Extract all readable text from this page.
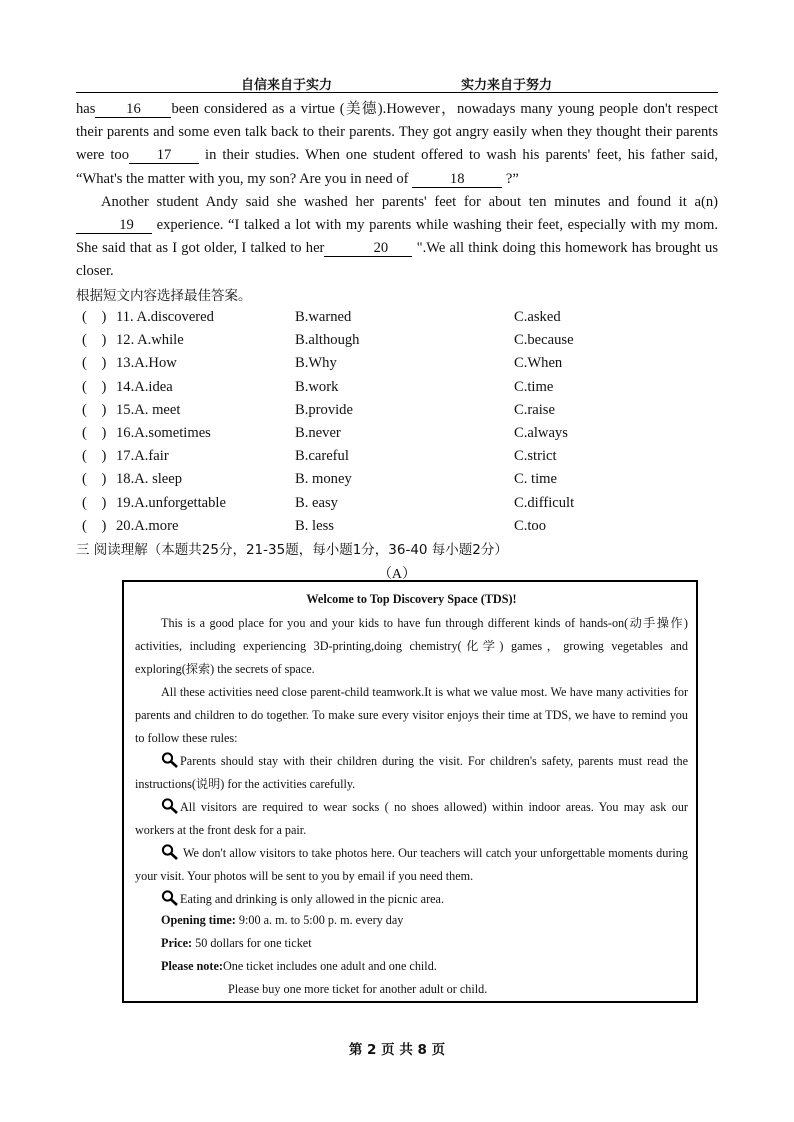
自信来自于实力	实力来自于努力

has 16 been considered as a virtue (美德).However，nowadays many young people don't respect their parents and some even talk back to their parents. They got angry easily when they thought their parents were too 17 in their studies. When one student offered to wash his parents' feet, his father said, “What's the matter with you, my son? Are you in need of	18	?”

Another student Andy said she washed her parents' feet for about ten minutes and found it a(n) 19 experience. “I talked a lot with my parents while washing their feet, especially with my mom. She said that as I got older, I talked to her	20 ".We all think doing this homework has brought us closer.

根据短文内容选择最佳答案。
(    ) 11. A.discovered	B.warned	C.asked
(    ) 12. A.while	B.although	C.because
(    ) 13.A.How	B.Why	C.When
(    ) 14.A.idea	B.work	C.time
(    ) 15.A. meet	B.provide	C.raise
(    ) 16.A.sometimes	B.never	C.always
(    ) 17.A.fair	B.careful	C.strict
(    ) 18.A. sleep	B. money	C. time
(    ) 19.A.unforgettable	B. easy	C.difficult
(    ) 20.A.more	B. less	C.too
三 阅读理解（本题共25分，21-35题，每小题1分，36-40 每小题2分）
（A）

Welcome to Top Discovery Space (TDS)!

This is a good place for you and your kids to have fun through different kinds of hands-on(动手操作) activities, including experiencing 3D-printing,doing chemistry(化学) games，growing vegetables and exploring(探索) the secrets of space.

All these activities need close parent-child teamwork.It is what we value most. We have many activities for parents and children to do together. To make sure every visitor enjoys their time at TDS, we have to remind you to follow these rules:

Parents should stay with their children during the visit. For children's safety, parents must read the instructions(说明) for the activities carefully.

All visitors are required to wear socks ( no shoes allowed) within indoor areas. You may ask our workers at the front desk for a pair.

We don't allow visitors to take photos here. Our teachers will catch your unforgettable moments during your visit. Your photos will be sent to you by email if you need them.

Eating and drinking is only allowed in the picnic area.

Opening time: 9:00 a. m. to 5:00 p. m. every day

Price: 50 dollars for one ticket

Please note:One ticket includes one adult and one child.

Please buy one more ticket for another adult or child.

第 2 页 共 8 页
